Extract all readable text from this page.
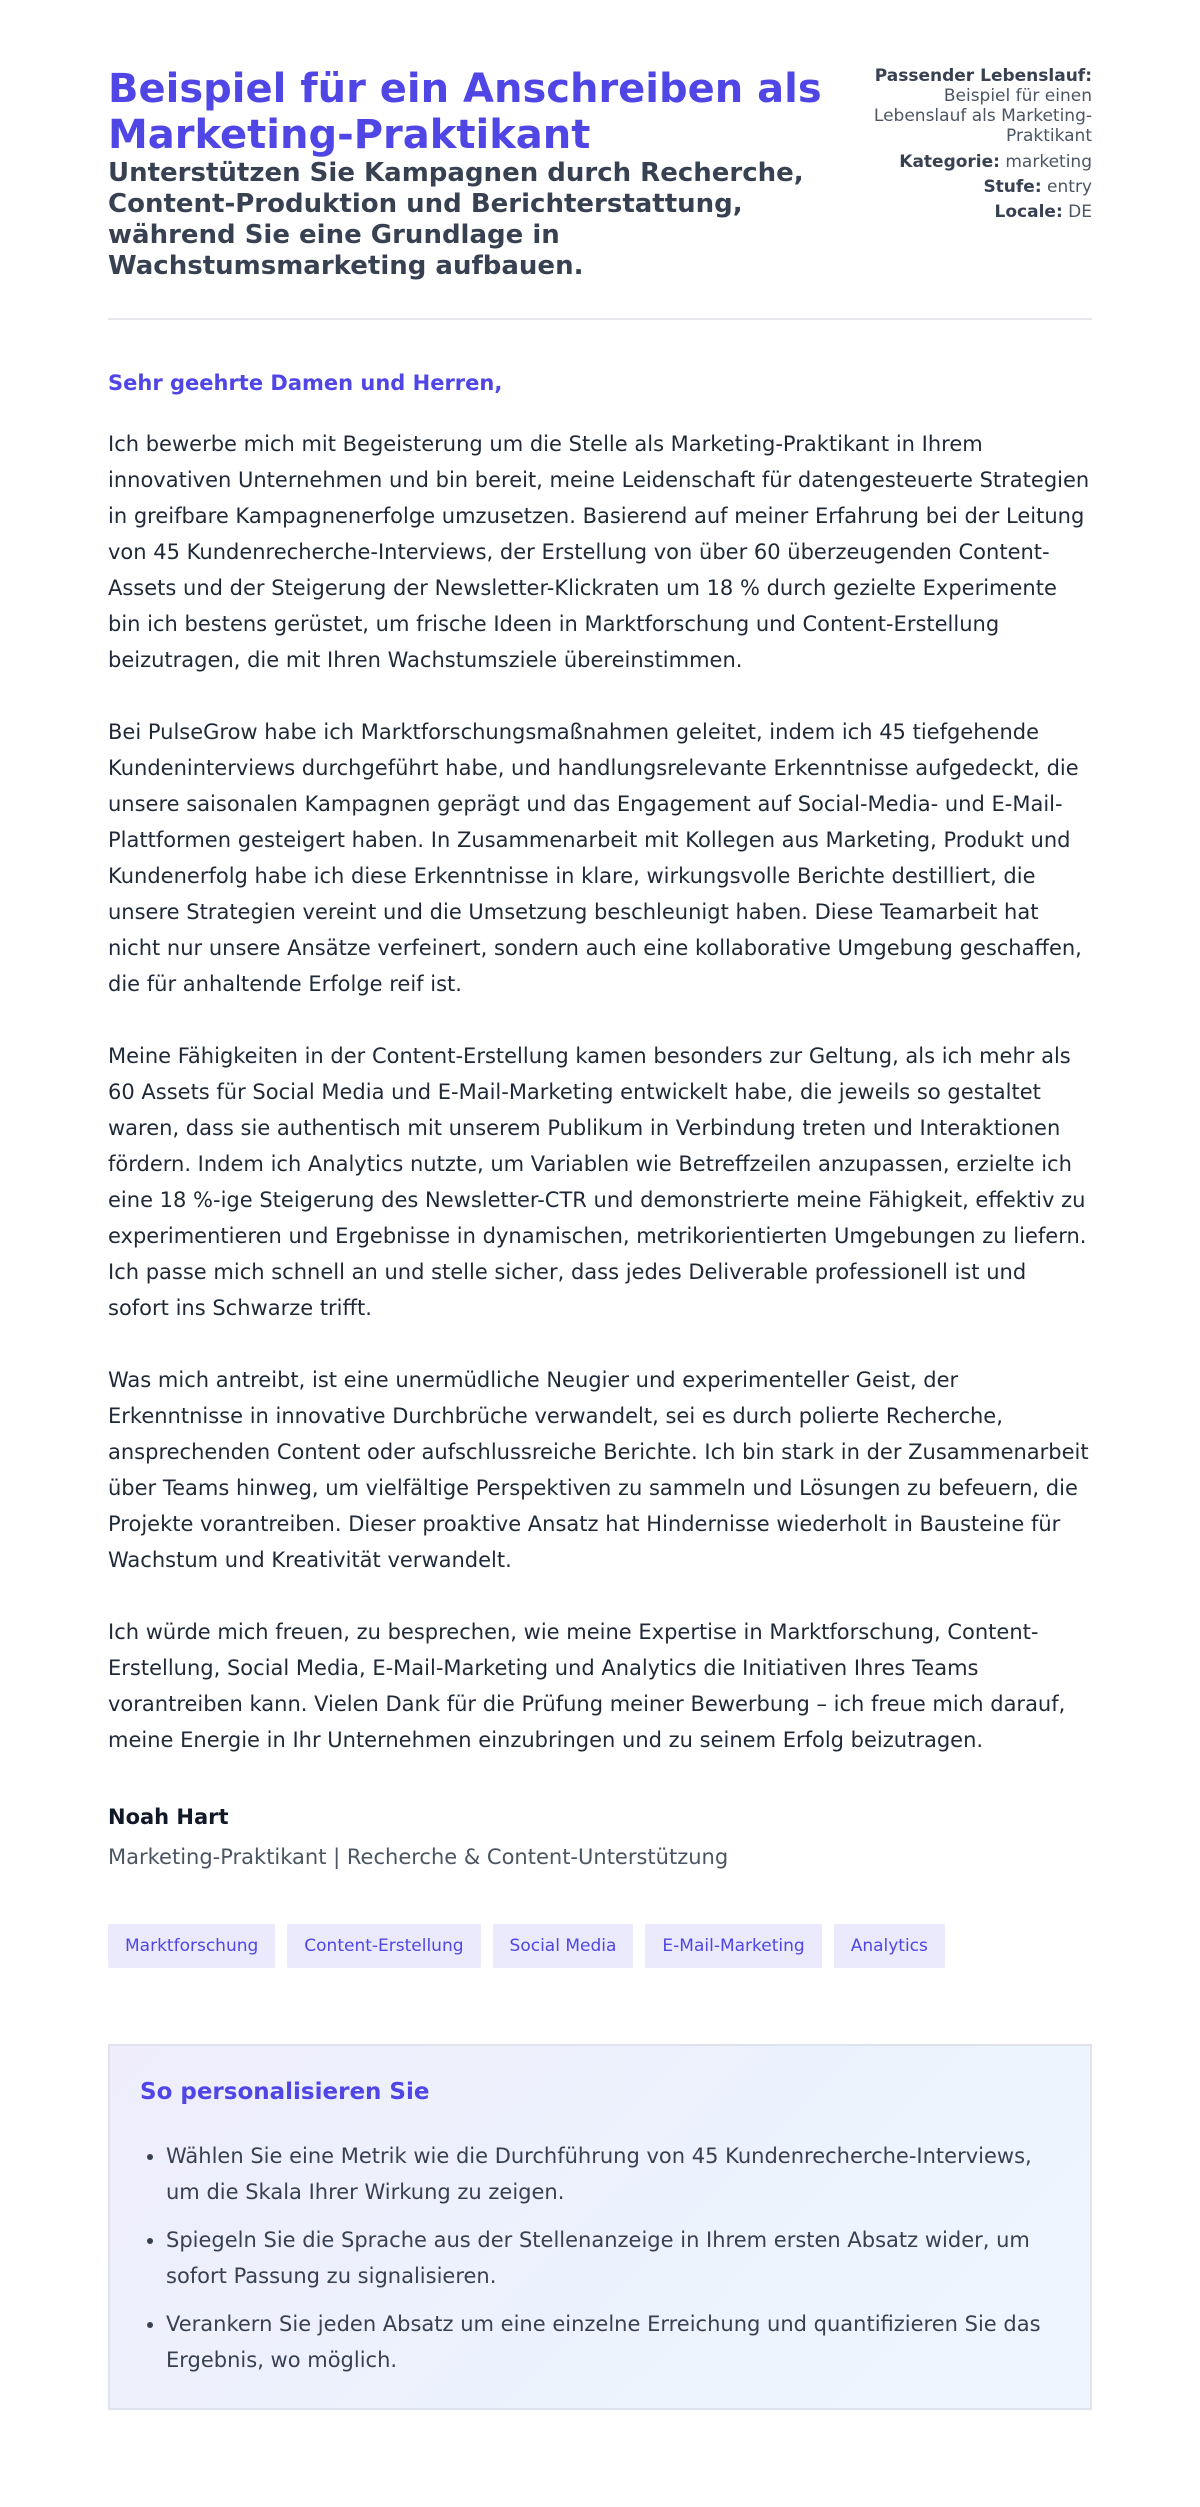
Beispiel für ein Anschreiben als Marketing-Praktikant
Unterstützen Sie Kampagnen durch Recherche, Content-Produktion und Berichterstattung, während Sie eine Grundlage in Wachstumsmarketing aufbauen.
Passender Lebenslauf:
Beispiel für einen Lebenslauf als Marketing-Praktikant
Kategorie: marketing
Stufe: entry
Locale: DE

Sehr geehrte Damen und Herren,

Ich bewerbe mich mit Begeisterung um die Stelle als Marketing-Praktikant in Ihrem innovativen Unternehmen und bin bereit, meine Leidenschaft für datengesteuerte Strategien in greifbare Kampagnenerfolge umzusetzen. Basierend auf meiner Erfahrung bei der Leitung von 45 Kundenrecherche-Interviews, der Erstellung von über 60 überzeugenden Content-Assets und der Steigerung der Newsletter-Klickraten um 18 % durch gezielte Experimente bin ich bestens gerüstet, um frische Ideen in Marktforschung und Content-Erstellung beizutragen, die mit Ihren Wachstumsziele übereinstimmen.

Bei PulseGrow habe ich Marktforschungsmaßnahmen geleitet, indem ich 45 tiefgehende Kundeninterviews durchgeführt habe, und handlungsrelevante Erkenntnisse aufgedeckt, die unsere saisonalen Kampagnen geprägt und das Engagement auf Social-Media- und E-Mail-Plattformen gesteigert haben. In Zusammenarbeit mit Kollegen aus Marketing, Produkt und Kundenerfolg habe ich diese Erkenntnisse in klare, wirkungsvolle Berichte destilliert, die unsere Strategien vereint und die Umsetzung beschleunigt haben. Diese Teamarbeit hat nicht nur unsere Ansätze verfeinert, sondern auch eine kollaborative Umgebung geschaffen, die für anhaltende Erfolge reif ist.

Meine Fähigkeiten in der Content-Erstellung kamen besonders zur Geltung, als ich mehr als 60 Assets für Social Media und E-Mail-Marketing entwickelt habe, die jeweils so gestaltet waren, dass sie authentisch mit unserem Publikum in Verbindung treten und Interaktionen fördern. Indem ich Analytics nutzte, um Variablen wie Betreffzeilen anzupassen, erzielte ich eine 18 %-ige Steigerung des Newsletter-CTR und demonstrierte meine Fähigkeit, effektiv zu experimentieren und Ergebnisse in dynamischen, metrikorientierten Umgebungen zu liefern. Ich passe mich schnell an und stelle sicher, dass jedes Deliverable professionell ist und sofort ins Schwarze trifft.

Was mich antreibt, ist eine unermüdliche Neugier und experimenteller Geist, der Erkenntnisse in innovative Durchbrüche verwandelt, sei es durch polierte Recherche, ansprechenden Content oder aufschlussreiche Berichte. Ich bin stark in der Zusammenarbeit über Teams hinweg, um vielfältige Perspektiven zu sammeln und Lösungen zu befeuern, die Projekte vorantreiben. Dieser proaktive Ansatz hat Hindernisse wiederholt in Bausteine für Wachstum und Kreativität verwandelt.

Ich würde mich freuen, zu besprechen, wie meine Expertise in Marktforschung, Content-Erstellung, Social Media, E-Mail-Marketing und Analytics die Initiativen Ihres Teams vorantreiben kann. Vielen Dank für die Prüfung meiner Bewerbung – ich freue mich darauf, meine Energie in Ihr Unternehmen einzubringen und zu seinem Erfolg beizutragen.

Noah Hart

Marketing-Praktikant | Recherche & Content-Unterstützung
Marktforschung	Content-Erstellung	Social Media	E-Mail-Marketing	Analytics
So personalisieren Sie
• Wählen Sie eine Metrik wie die Durchführung von 45 Kundenrecherche-Interviews, um die Skala Ihrer Wirkung zu zeigen.
• Spiegeln Sie die Sprache aus der Stellenanzeige in Ihrem ersten Absatz wider, um sofort Passung zu signalisieren.
• Verankern Sie jeden Absatz um eine einzelne Erreichung und quantifizieren Sie das Ergebnis, wo möglich.
